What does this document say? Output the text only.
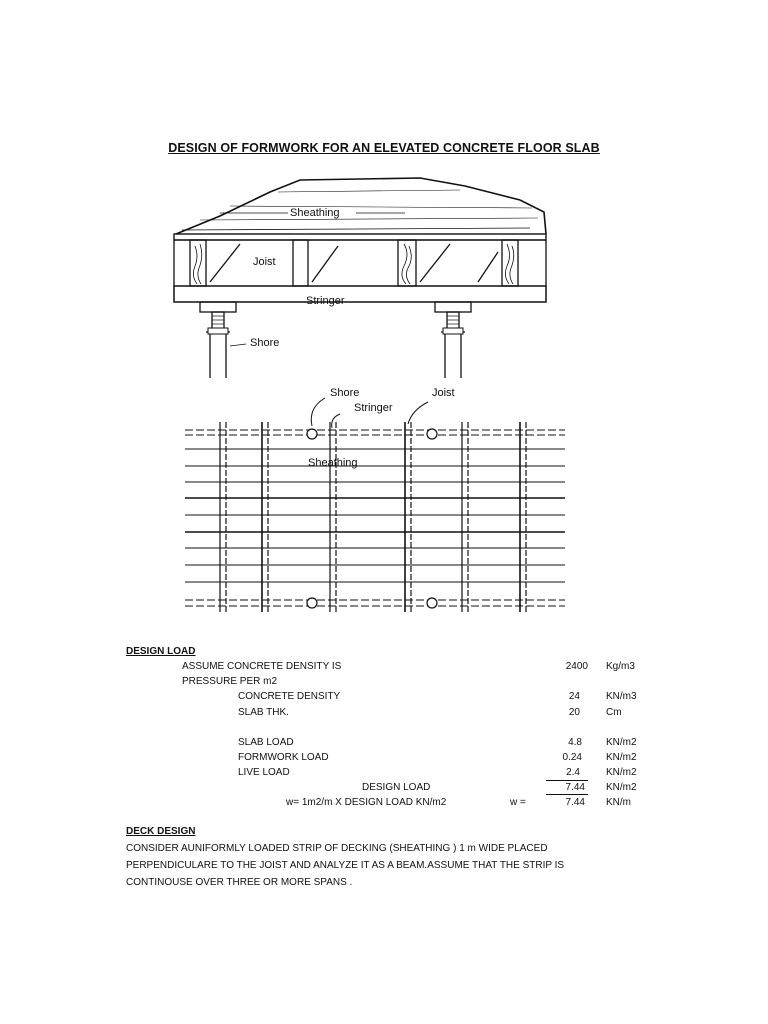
DESIGN OF FORMWORK FOR AN ELEVATED CONCRETE FLOOR SLAB
Sheathing
Joist
Stringer
Shore
Shore	Joist
Stringer
Sheathing
DESIGN LOAD
ASSUME CONCRETE DENSITY IS	2400 Kg/m3
PRESSURE PER m2
CONCRETE DENSITY	24	KN/m3
SLAB THK.	20	Cm
SLAB LOAD	4.8 KN/m2
FORMWORK LOAD	0.24 KN/m2
LIVE LOAD	2.4	KN/m2
DESIGN LOAD	7.44 KN/m2
w= 1m2/m X DESIGN LOAD KN/m2	w =	7.44 KN/m
DECK DESIGN
CONSIDER AUNIFORMLY LOADED STRIP OF DECKING (SHEATHING ) 1 m WIDE PLACED
PERPENDICULARE TO THE JOIST AND ANALYZE IT AS A BEAM.ASSUME THAT THE STRIP IS
CONTINOUSE OVER THREE OR MORE SPANS .
